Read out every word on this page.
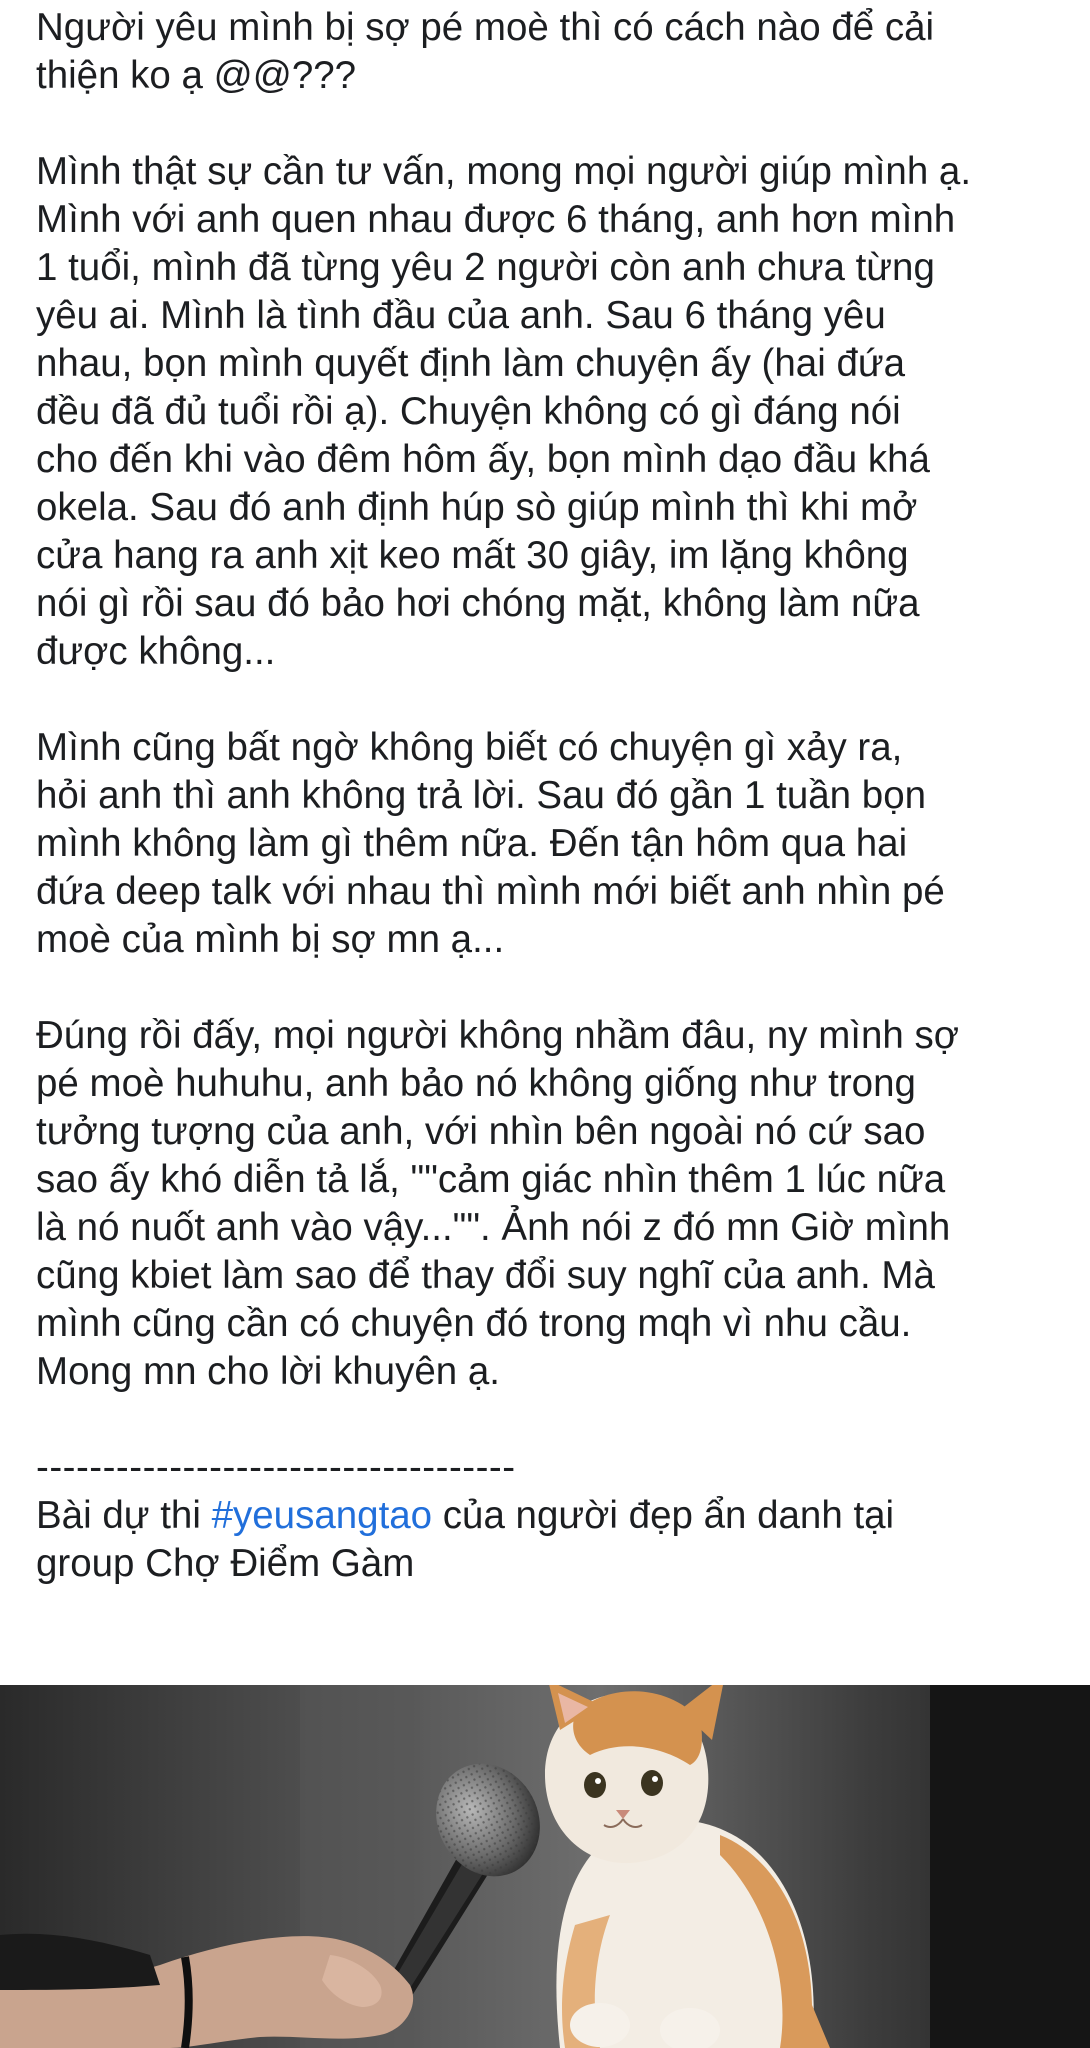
Người yêu mình bị sợ pé moè thì có cách nào để cải
thiện ko ạ @@???

Mình thật sự cần tư vấn, mong mọi người giúp mình ạ.
Mình với anh quen nhau được 6 tháng, anh hơn mình
1 tuổi, mình đã từng yêu 2 người còn anh chưa từng
yêu ai. Mình là tình đầu của anh. Sau 6 tháng yêu
nhau, bọn mình quyết định làm chuyện ấy (hai đứa
đều đã đủ tuổi rồi ạ). Chuyện không có gì đáng nói
cho đến khi vào đêm hôm ấy, bọn mình dạo đầu khá
okela. Sau đó anh định húp sò giúp mình thì khi mở
cửa hang ra anh xịt keo mất 30 giây, im lặng không
nói gì rồi sau đó bảo hơi chóng mặt, không làm nữa
được không...

Mình cũng bất ngờ không biết có chuyện gì xảy ra,
hỏi anh thì anh không trả lời. Sau đó gần 1 tuần bọn
mình không làm gì thêm nữa. Đến tận hôm qua hai
đứa deep talk với nhau thì mình mới biết anh nhìn pé
moè của mình bị sợ mn ạ...

Đúng rồi đấy, mọi người không nhầm đâu, ny mình sợ
pé moè huhuhu, anh bảo nó không giống như trong
tưởng tượng của anh, với nhìn bên ngoài nó cứ sao
sao ấy khó diễn tả lắ, ""cảm giác nhìn thêm 1 lúc nữa
là nó nuốt anh vào vậy..."". Ảnh nói z đó mn Giờ mình
cũng kbiet làm sao để thay đổi suy nghĩ của anh. Mà
mình cũng cần có chuyện đó trong mqh vì nhu cầu.
Mong mn cho lời khuyên ạ.

------------------------------------

Bài dự thi #yeusangtao của người đẹp ẩn danh tại
group Chợ Điểm Gàm
